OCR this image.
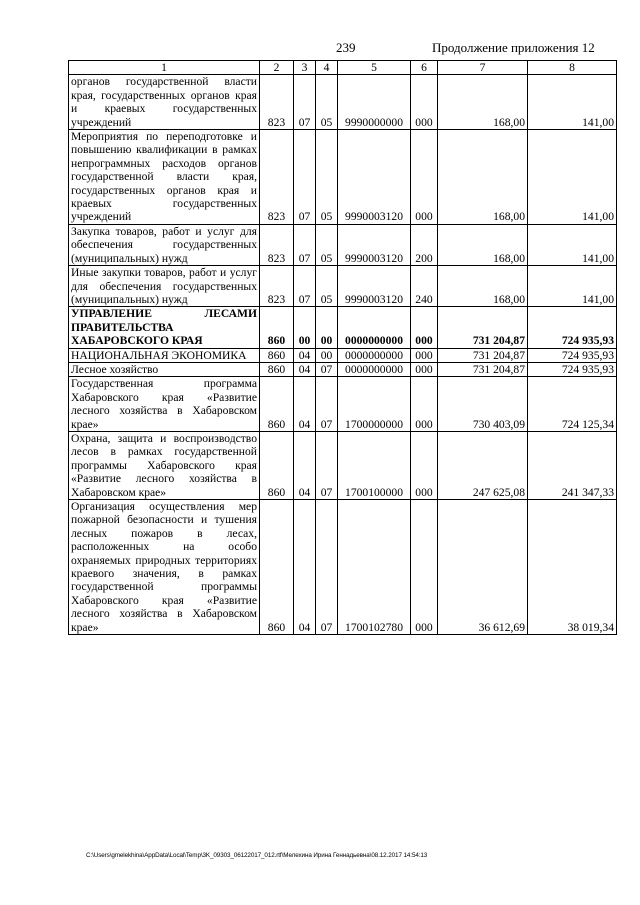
239	Продолжение приложения 12
1	2	3	4	5	6	7	8
органов государственной власти края, государственных органов края и краевых государственных учреждений	823	07	05	9990000000	000	168,00	141,00
Мероприятия по переподготовке и повышению квалификации в рамках непрограммных расходов органов государственной власти края, государственных органов края и краевых государственных учреждений	823	07	05	9990003120	000	168,00	141,00
Закупка товаров, работ и услуг для обеспечения государственных (муниципальных) нужд	823	07	05	9990003120	200	168,00	141,00
Иные закупки товаров, работ и услуг для обеспечения государственных (муниципальных) нужд	823	07	05	9990003120	240	168,00	141,00
УПРАВЛЕНИЕ ЛЕСАМИ ПРАВИТЕЛЬСТВА ХАБАРОВСКОГО КРАЯ	860	00	00	0000000000	000	731 204,87	724 935,93
НАЦИОНАЛЬНАЯ ЭКОНОМИКА	860	04	00	0000000000	000	731 204,87	724 935,93
Лесное хозяйство	860	04	07	0000000000	000	731 204,87	724 935,93
Государственная программа Хабаровского края «Развитие лесного хозяйства в Хабаровском крае»	860	04	07	1700000000	000	730 403,09	724 125,34
Охрана, защита и воспроизводство лесов в рамках государственной программы Хабаровского края «Развитие лесного хозяйства в Хабаровском крае»	860	04	07	1700100000	000	247 625,08	241 347,33
Организация осуществления мер пожарной безопасности и тушения лесных пожаров в лесах, расположенных на особо охраняемых природных территориях краевого значения, в рамках государственной программы Хабаровского края «Развитие лесного хозяйства в Хабаровском крае»	860	04	07	1700102780	000	36 612,69	38 019,34
C:\Users\gmelekhina\AppData\Local\Temp\3K_09303_06122017_012.rtf\Мелехина Ирина Геннадьевна\08.12.2017 14:54:13
